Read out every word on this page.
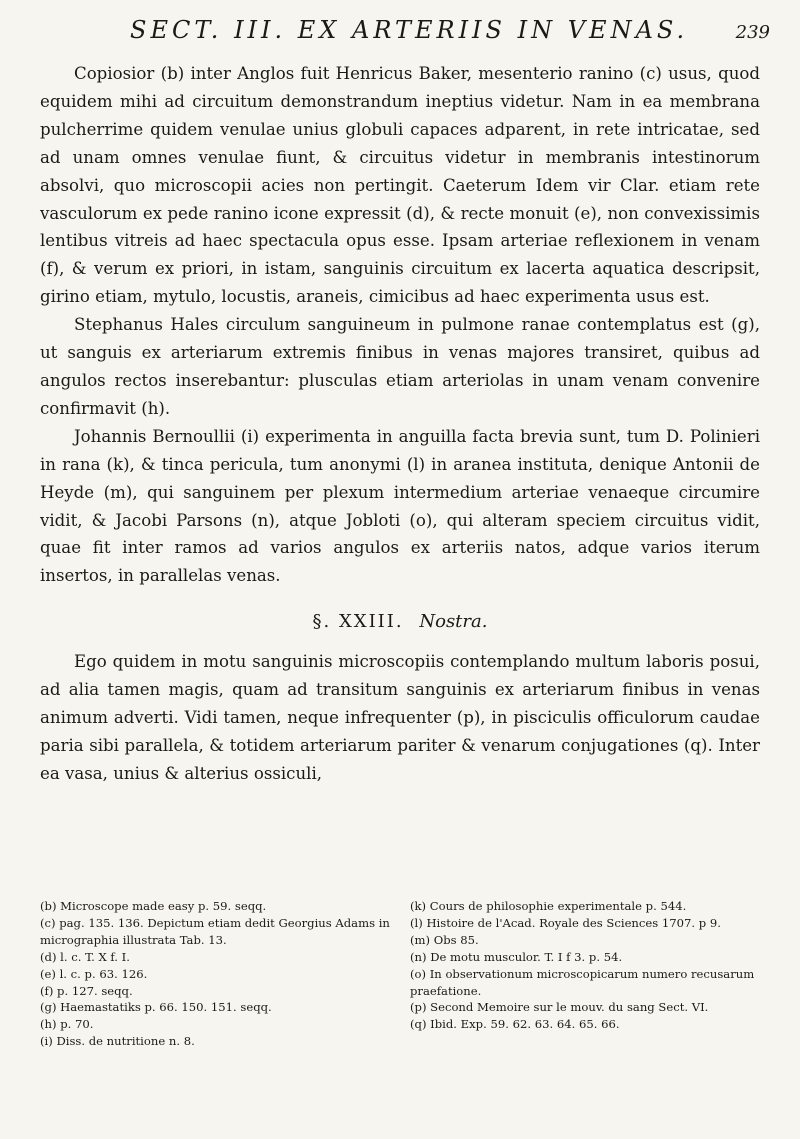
SECT. III. EX ARTERIIS IN VENAS.	239

Copiosior (b) inter Anglos fuit Henricus Baker, mesenterio ranino (c) usus, quod equidem mihi ad circuitum demonstrandum ineptius videtur. Nam in ea membrana pulcherrime quidem venulae unius globuli capaces adparent, in rete intricatae, sed ad unam omnes venulae fiunt, & circuitus videtur in membranis intestinorum absolvi, quo microscopii acies non pertingit. Caeterum Idem vir Clar. etiam rete vasculorum ex pede ranino icone expressit (d), & recte monuit (e), non convexissimis lentibus vitreis ad haec spectacula opus esse. Ipsam arteriae reflexionem in venam (f), & verum ex priori, in istam, sanguinis circuitum ex lacerta aquatica descripsit, girino etiam, mytulo, locustis, araneis, cimicibus ad haec experimenta usus est.

Stephanus Hales circulum sanguineum in pulmone ranae contemplatus est (g), ut sanguis ex arteriarum extremis finibus in venas majores transiret, quibus ad angulos rectos inserebantur: plusculas etiam arteriolas in unam venam convenire confirmavit (h).

Johannis Bernoullii (i) experimenta in anguilla facta brevia sunt, tum D. Polinieri in rana (k), & tinca pericula, tum anonymi (l) in aranea instituta, denique Antonii de Heyde (m), qui sanguinem per plexum intermedium arteriae venaeque circumire vidit, & Jacobi Parsons (n), atque Jobloti (o), qui alteram speciem circuitus vidit, quae fit inter ramos ad varios angulos ex arteriis natos, adque varios iterum insertos, in parallelas venas.

§. XXIII. Nostra.

Ego quidem in motu sanguinis microscopiis contemplando multum laboris posui, ad alia tamen magis, quam ad transitum sanguinis ex arteriarum finibus in venas animum adverti. Vidi tamen, neque infrequenter (p), in pisciculis officulorum caudae paria sibi parallela, & totidem arteriarum pariter & venarum conjugationes (q). Inter ea vasa, unius & alterius ossiculi,

(b) Microscope made easy p. 59. seqq.
(c) pag. 135. 136. Depictum etiam dedit Georgius Adams in micrographia illustrata Tab. 13.
(d) l. c. T. X f. I.
(e) l. c. p. 63. 126.
(f) p. 127. seqq.
(g) Haemastatiks p. 66. 150. 151. seqq.
(h) p. 70.
(i) Diss. de nutritione n. 8.
(k) Cours de philosophie experimentale p. 544.
(l) Histoire de l'Acad. Royale des Sciences 1707. p 9.
(m) Obs 85.
(n) De motu musculor. T. I f 3. p. 54.
(o) In observationum microscopicarum numero recusarum praefatione.
(p) Second Memoire sur le mouv. du sang Sect. VI.
(q) Ibid. Exp. 59. 62. 63. 64. 65. 66.
